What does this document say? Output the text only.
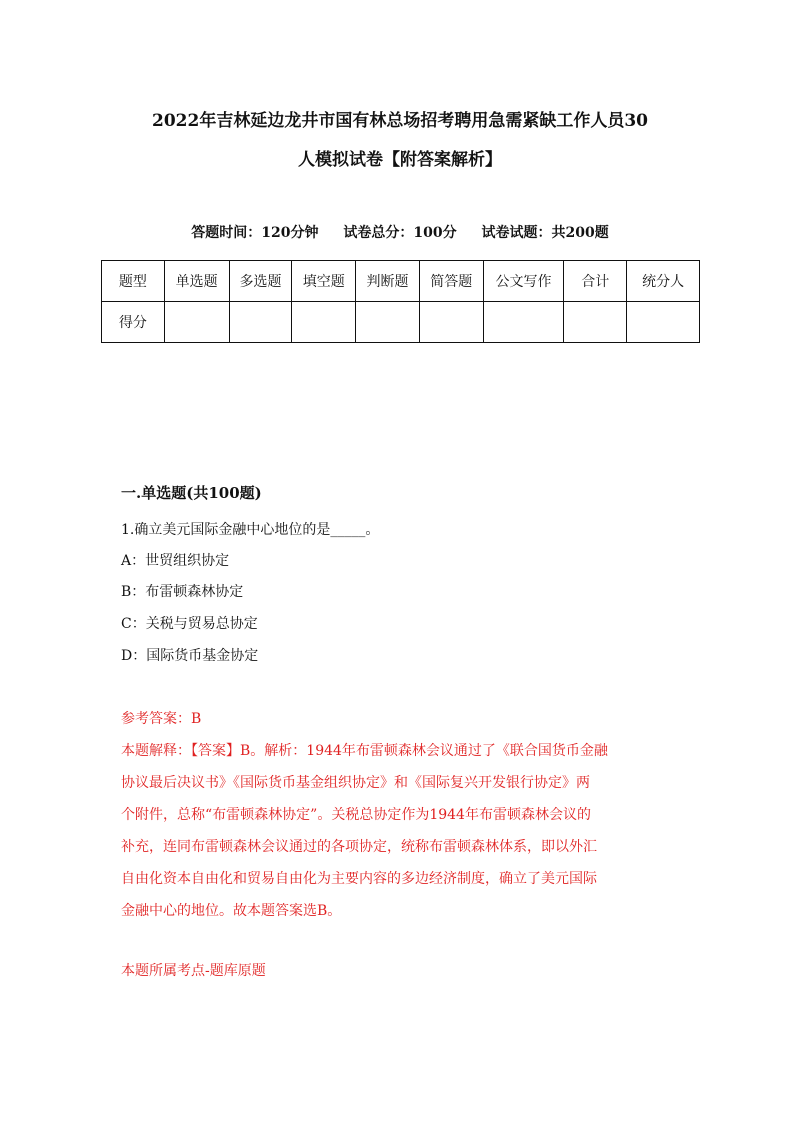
2022年吉林延边龙井市国有林总场招考聘用急需紧缺工作人员30
人模拟试卷【附答案解析】
答题时间：120分钟 试卷总分：100分 试卷试题：共200题
题型	单选题	多选题	填空题	判断题	简答题	公文写作	合计	统分人
得分								
一.单选题(共100题)
1.确立美元国际金融中心地位的是_____。
A：世贸组织协定
B：布雷顿森林协定
C：关税与贸易总协定
D：国际货币基金协定
参考答案：B
本题解释：【答案】B。解析：1944年布雷顿森林会议通过了《联合国货币金融
协议最后决议书》《国际货币基金组织协定》和《国际复兴开发银行协定》两
个附件，总称“布雷顿森林协定”。关税总协定作为1944年布雷顿森林会议的
补充，连同布雷顿森林会议通过的各项协定，统称布雷顿森林体系，即以外汇
自由化资本自由化和贸易自由化为主要内容的多边经济制度，确立了美元国际
金融中心的地位。故本题答案选B。
本题所属考点-题库原题
